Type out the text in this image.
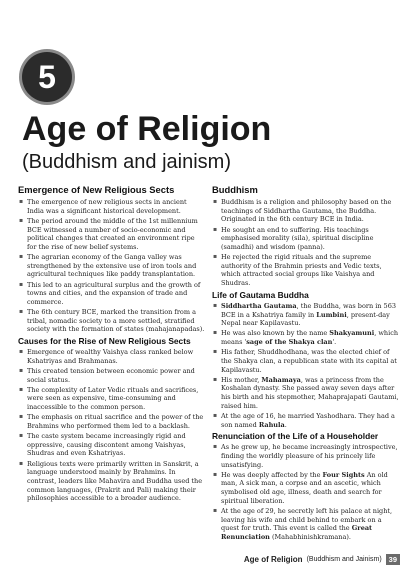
5
Age of Religion
(Buddhism and jainism)
Emergence of New Religious Sects
▪ The emergence of new religious sects in ancient India was a significant historical development.
▪ The period around the middle of the 1st millennium BCE witnessed a number of socio-economic and political changes that created an environment ripe for the rise of new belief systems.
▪ The agrarian economy of the Ganga valley was strengthened by the extensive use of iron tools and agricultural techniques like paddy transplantation.
▪ This led to an agricultural surplus and the growth of towns and cities, and the expansion of trade and commerce.
▪ The 6th century BCE, marked the transition from a tribal, nomadic society to a more settled, stratified society with the formation of states (mahajanapadas).
Causes for the Rise of New Religious Sects
▪ Emergence of wealthy Vaishya class ranked below Kshatriyas and Brahmanas.
▪ This created tension between economic power and social status.
▪ The complexity of Later Vedic rituals and sacrifices, were seen as expensive, time-consuming and inaccessible to the common person.
▪ The emphasis on ritual sacrifice and the power of the Brahmins who performed them led to a backlash.
▪ The caste system became increasingly rigid and oppressive, causing discontent among Vaishyas, Shudras and even Kshatriyas.
▪ Religious texts were primarily written in Sanskrit, a language understood mainly by Brahmins. In contrast, leaders like Mahavira and Buddha used the common languages, (Prakrit and Pali) making their philosophies accessible to a broader audience.
Buddhism
▪ Buddhism is a religion and philosophy based on the teachings of Siddhartha Gautama, the Buddha. Originated in the 6th century BCE in India.
▪ He sought an end to suffering. His teachings emphasised morality (sila), spiritual discipline (samadhi) and wisdom (panna).
▪ He rejected the rigid rituals and the supreme authority of the Brahmin priests and Vedic texts, which attracted social groups like Vaishya and Shudras.
Life of Gautama Buddha
▪ Siddhartha Gautama, the Buddha, was born in 563 BCE in a Kshatriya family in Lumbini, present-day Nepal near Kapilavastu.
▪ He was also known by the name Shakyamuni, which means 'sage of the Shakya clan'.
▪ His father, Shuddhodhana, was the elected chief of the Shakya clan, a republican state with its capital at Kapilavastu.
▪ His mother, Mahamaya, was a princess from the Koshalan dynasty. She passed away seven days after his birth and his stepmother, Mahaprajapati Gautami, raised him.
▪ At the age of 16, he married Yashodhara. They had a son named Rahula.
Renunciation of the Life of a Householder
▪ As he grew up, he became increasingly introspective, finding the worldly pleasure of his princely life unsatisfying.
▪ He was deeply affected by the Four Sights An old man, A sick man, a corpse and an ascetic, which symbolised old age, illness, death and search for spiritual liberation.
▪ At the age of 29, he secretly left his palace at night, leaving his wife and child behind to embark on a quest for truth. This event is called the Great Renunciation (Mahabhinishkramana).
Age of Religion (Buddhism and Jainism) 39
